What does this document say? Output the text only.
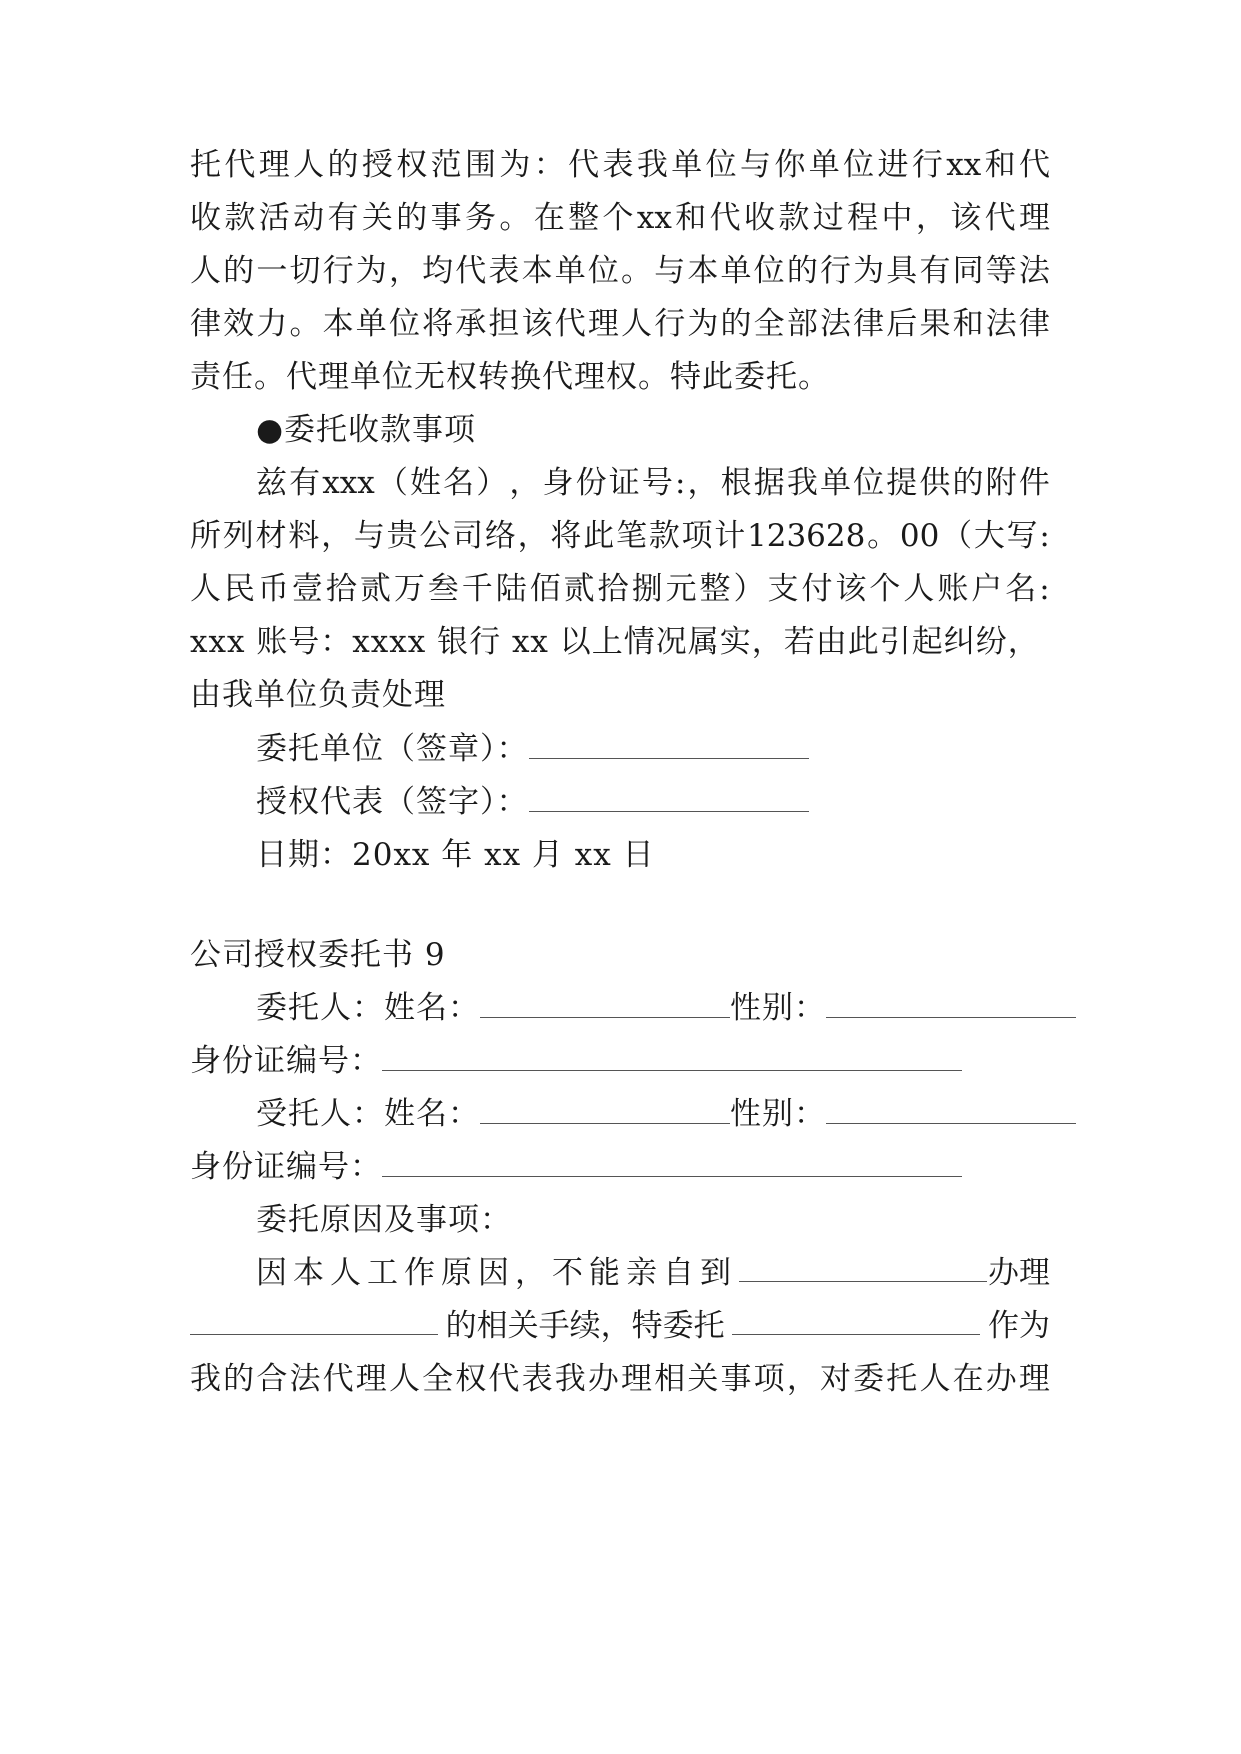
托 代 理 人 的 授 权 范 围 为 ： 代 表 我 单 位 与 你 单 位 进 行 xx 和 代
收 款 活 动 有 关 的 事 务 。 在 整 个 xx 和 代 收 款 过 程 中 ， 该 代 理
人 的 一 切 行 为 ， 均 代 表 本 单 位 。 与 本 单 位 的 行 为 具 有 同 等 法
律 效 力 。 本 单 位 将 承 担 该 代 理 人 行 为 的 全 部 法 律 后 果 和 法 律
责任。代理单位无权转换代理权。特此委托。
●委托收款事项
兹 有 xxx （ 姓 名 ） ， 身 份 证 号 : ， 根 据 我 单 位 提 供 的 附 件
所 列 材 料 ， 与 贵 公 司 络 ， 将 此 笔 款 项 计 123628 。 00 （ 大 写 :
人 民 币 壹 拾 贰 万 叁 千 陆 佰 贰 拾 捌 元 整 ） 支 付 该 个 人 账 户 名 :
xxx 账号：xxxx 银行 xx 以上情况属实，若由此引起纠纷，
由我单位负责处理
委托单位（签章）：
授权代表（签字）：
日期：20xx 年 xx 月 xx 日
公司授权委托书 9
委托人：姓名：	性别：
身份证编号：
受托人：姓名：	性别：
身份证编号：
委托原因及事项：
因本人工作原因，不能亲自到	办理
的相关手续，特委托	作为
我 的 合 法 代 理 人 全 权 代 表 我 办 理 相 关 事 项 ， 对 委 托 人 在 办 理
